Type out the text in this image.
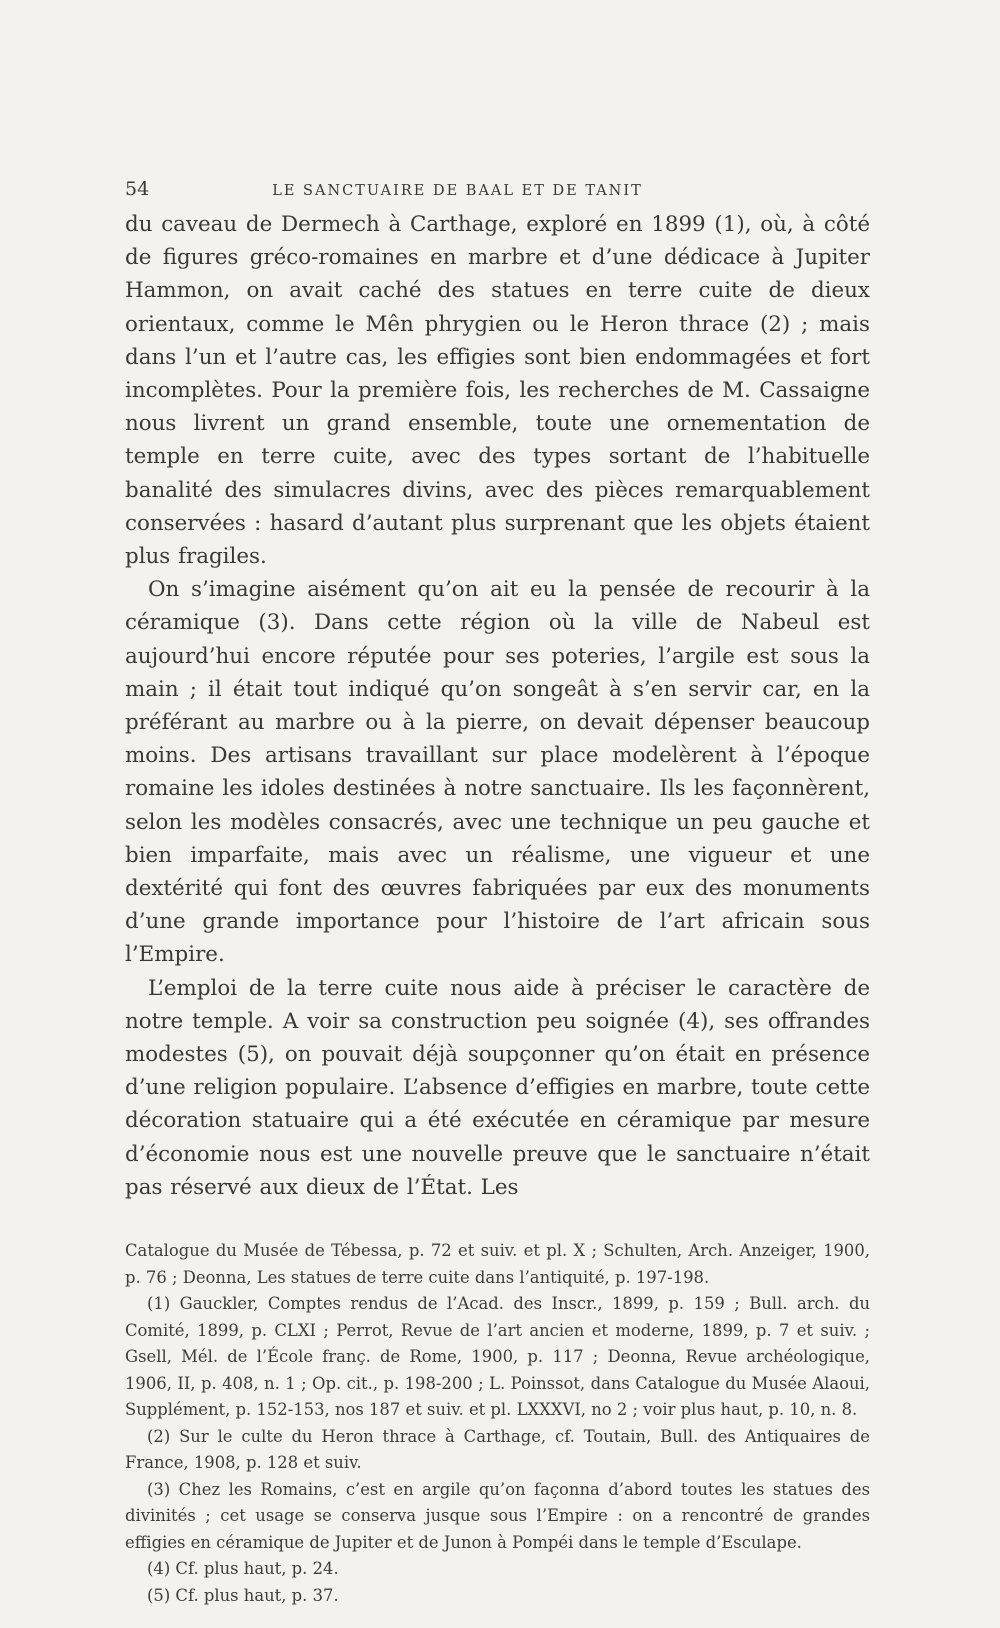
54	LE SANCTUAIRE DE BAAL ET DE TANIT

du caveau de Dermech à Carthage, exploré en 1899 (1), où, à côté de figures gréco-romaines en marbre et d’une dédicace à Jupiter Hammon, on avait caché des statues en terre cuite de dieux orientaux, comme le Mên phrygien ou le Heron thrace (2) ; mais dans l’un et l’autre cas, les effigies sont bien endommagées et fort incomplètes. Pour la première fois, les recherches de M. Cassaigne nous livrent un grand ensemble, toute une ornementation de temple en terre cuite, avec des types sortant de l’habituelle banalité des simulacres divins, avec des pièces remarquablement conservées : hasard d’autant plus surprenant que les objets étaient plus fragiles.

On s’imagine aisément qu’on ait eu la pensée de recourir à la céramique (3). Dans cette région où la ville de Nabeul est aujourd’hui encore réputée pour ses poteries, l’argile est sous la main ; il était tout indiqué qu’on songeât à s’en servir car, en la préférant au marbre ou à la pierre, on devait dépenser beaucoup moins. Des artisans travaillant sur place modelèrent à l’époque romaine les idoles destinées à notre sanctuaire. Ils les façonnèrent, selon les modèles consacrés, avec une technique un peu gauche et bien imparfaite, mais avec un réalisme, une vigueur et une dextérité qui font des œuvres fabriquées par eux des monuments d’une grande importance pour l’histoire de l’art africain sous l’Empire.

L’emploi de la terre cuite nous aide à préciser le caractère de notre temple. A voir sa construction peu soignée (4), ses offrandes modestes (5), on pouvait déjà soupçonner qu’on était en présence d’une religion populaire. L’absence d’effigies en marbre, toute cette décoration statuaire qui a été exécutée en céramique par mesure d’économie nous est une nouvelle preuve que le sanctuaire n’était pas réservé aux dieux de l’État. Les

Catalogue du Musée de Tébessa, p. 72 et suiv. et pl. X ; Schulten, Arch. Anzeiger, 1900, p. 76 ; Deonna, Les statues de terre cuite dans l’antiquité, p. 197-198.

(1) Gauckler, Comptes rendus de l’Acad. des Inscr., 1899, p. 159 ; Bull. arch. du Comité, 1899, p. CLXI ; Perrot, Revue de l’art ancien et moderne, 1899, p. 7 et suiv. ; Gsell, Mél. de l’École franç. de Rome, 1900, p. 117 ; Deonna, Revue archéologique, 1906, II, p. 408, n. 1 ; Op. cit., p. 198-200 ; L. Poinssot, dans Catalogue du Musée Alaoui, Supplément, p. 152-153, nos 187 et suiv. et pl. LXXXVI, no 2 ; voir plus haut, p. 10, n. 8.

(2) Sur le culte du Heron thrace à Carthage, cf. Toutain, Bull. des Antiquaires de France, 1908, p. 128 et suiv.

(3) Chez les Romains, c’est en argile qu’on façonna d’abord toutes les statues des divinités ; cet usage se conserva jusque sous l’Empire : on a rencontré de grandes effigies en céramique de Jupiter et de Junon à Pompéi dans le temple d’Esculape.

(4) Cf. plus haut, p. 24.

(5) Cf. plus haut, p. 37.
